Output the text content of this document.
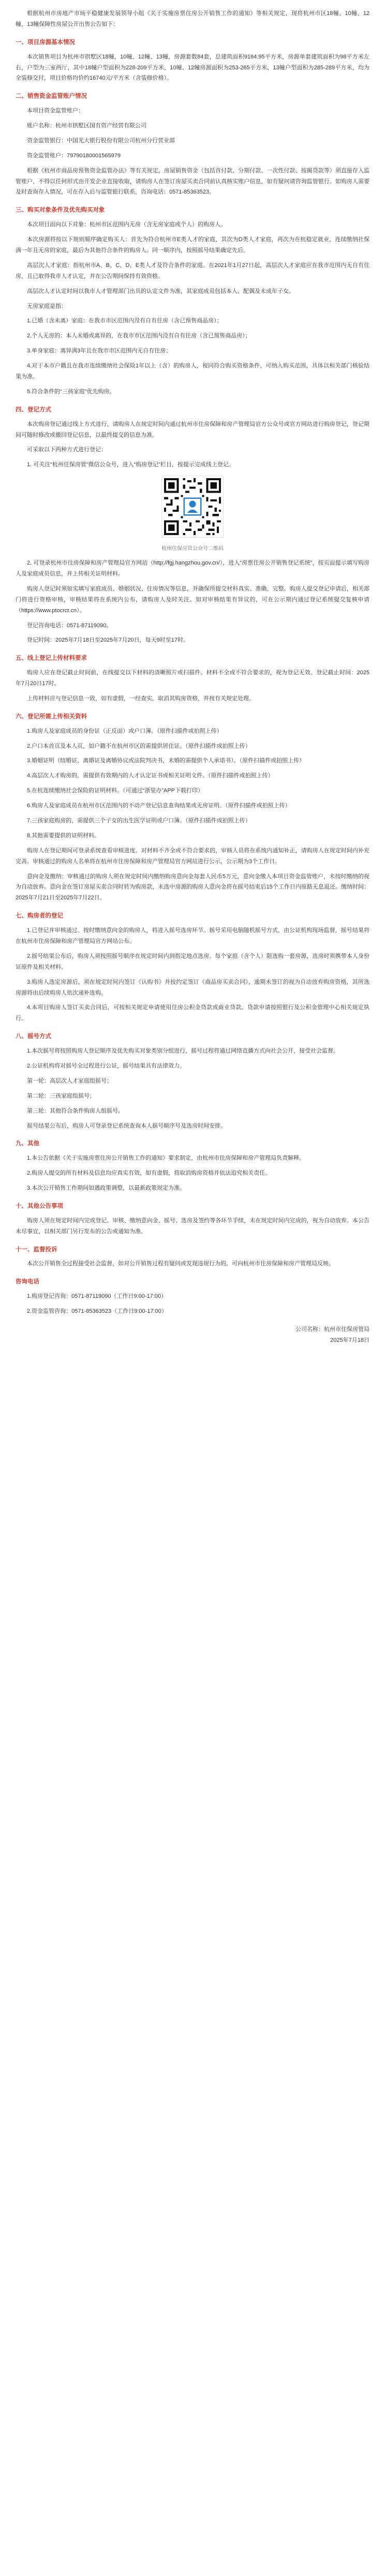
根据杭州市房地产市场平稳健康发展领导小组《关于实施房票住房公开销售工作的通知》等相关规定，现将杭州市区18幢、10幢、12幢、13幢保障性房屋公开出售公告如下：

一、项目房源基本情况

本次销售项目为杭州市拱墅区18幢、10幢、12幢、13幢，房源套数84套，总建筑面积9164.95平方米，房源单套建筑面积为98平方米左右，户型为三室两厅，其中18幢户型面积为228-209平方米，10幢、12幢房源面积为253-265平方米，13幢户型面积为285-289平方米，均为全装修交付，项目价格均价约16740元/平方米（含装修价格）。

二、销售资金监管账户情况

本项目资金监管账户：

账户名称：杭州市拱墅区国有资产经营有限公司

资金监管银行：中国光大银行股份有限公司杭州分行营业部

资金监管账户：79790180001565979

根据《杭州市商品房预售资金监管办法》等有关规定，房屋销售资金（包括首付款、分期付款、一次性付款、按揭贷款等）须直接存入监管账户，不得以任何形式由开发企业直接收取，请购房人在签订房屋买卖合同前认真核实账户信息，如有疑问请咨询监管银行。如购房人需要及时查询存入情况，可在存入后与监管银行联系，咨询电话：0571-85363523。

三、购买对象条件及优先购买对象

本次项目面向以下对象：杭州市区范围内无房（含无房家庭或个人）的购房人。

本次房源将按以下规则顺序确定购买人：首先为符合杭州市E类人才的家庭，其次为D类人才家庭，再次为在杭稳定就业、连续缴纳社保满一年且无房的家庭，最后为其他符合条件的购房人。同一顺序内，按照摇号结果确定先后。

高层次人才家庭：指杭州市A、B、C、D、E类人才及符合条件的家庭。在2021年1月27日起，高层次人才家庭应在我市范围内无自有住房，且已取得我市人才认定，并在公告期间保持有效资格。

高层次人才认定时间以我市人才管理部门出具的认定文件为准，其家庭成员包括本人、配偶及未成年子女。

无房家庭是指：

1.已婚（含未离）家庭：在我市市区范围内没有自有住房（含已预售商品房）；

2.个人无房的：本人未婚或离异的，在我市市区范围内没有自有住房（含已预售商品房）；

3.单身家庭：离异满3年且在我市市区范围内无自有住房；

4.对于本市户籍且在我市连续缴纳社会保险1年以上（含）的购房人，视同符合购买资格条件，可纳入购买范围，具体以相关部门核验结果为准。

5.符合条件的“三孩家庭”优先购房。

四、登记方式

本次购房登记通过线上方式进行，请购房人在规定时间内通过杭州市住房保障和房产管理局官方公众号或官方网站进行购房登记，登记期间可随时修改或撤回登记信息，以最终提交的信息为准。

可采取以下两种方式进行登记：

1. 可关注“杭州住保房管”微信公众号，进入“购房登记”栏目，按提示完成线上登记。

杭州住保房管公众号二维码

2. 可登录杭州市住房保障和房产管理局官方网站（http://fgj.hangzhou.gov.cn/），进入“房票住房公开销售登记系统”，按页面提示填写购房人及家庭成员信息，并上传相关证明材料。

购房人登记时须如实填写家庭成员、婚姻状况、住房情况等信息，并确保所提交材料真实、准确、完整。购房人提交登记申请后，相关部门将进行资格审核，审核结果将在系统内公布，请购房人及时关注。如对审核结果有异议的，可在公示期内通过登记系统提交复核申请（https://www.ptocrcr.cn）。

登记咨询电话：0571-87119090。

登记时间：2025年7月18日至2025年7月20日，每天9时至17时。

五、线上登记上传材料要求

购房人应在登记截止时间前，在线提交以下材料的清晰照片或扫描件。材料不全或不符合要求的，视为登记无效。登记截止时间：2025年7月20日17时。

上传材料应与登记信息一致，如有虚假，一经查实，取消其购房资格，并按有关规定处理。

六、登记所需上传相关资料

1.购房人及家庭成员的身份证（正反面）或户口簿。（原件扫描件或拍照上传）

2.户口本首页及本人页，如户籍不在杭州市区的需提供居住证。（原件扫描件或拍照上传）

3.婚姻证明（结婚证、离婚证及离婚协议或法院判决书，未婚的需提供个人承诺书）。（原件扫描件或拍照上传）

4.高层次人才购房的，需提供有效期内的人才认定证书或相关证明文件。（原件扫描件或拍照上传）

5.在杭连续缴纳社会保险的证明材料。（可通过“浙里办”APP下载打印）

6.购房人及家庭成员在杭州市区范围内的不动产登记信息查询结果或无房证明。（原件扫描件或拍照上传）

7.三孩家庭购房的，需提供三个子女的出生医学证明或户口簿。（原件扫描件或拍照上传）

8.其他需要提供的证明材料。

购房人在登记期间可登录系统查看审核进度。对材料不齐全或不符合要求的，审核人员将在系统内通知补正，请购房人在规定时间内补充完善。审核通过的购房人名单将在杭州市住房保障和房产管理局官方网站进行公示，公示期为3个工作日。

意向金及缴纳：审核通过的购房人须在规定时间内缴纳购房意向金每套人民币5万元，意向金缴入本项目资金监管账户，未按时缴纳的视为自动放弃。意向金在签订房屋买卖合同时转为购房款，未选中房源的购房人意向金将在摇号结束后15个工作日内原路无息退还。缴纳时间：2025年7月21日至2025年7月22日。

七、购房者的登记

1.已登记并审核通过、按时缴纳意向金的购房人，将进入摇号选房环节。摇号采用电脑随机摇号方式，由公证机构现场监督，摇号结果将在杭州市住房保障和房产管理局官方网站公布。

2.摇号结果公布后，购房人须按照摇号顺序在规定时间内到指定地点选房。每个家庭（含个人）限选购一套房源，选房时须携带本人身份证原件及相关材料。

3.购房人选定房源后，须在规定时间内签订《认购书》并按约定签订《商品房买卖合同》，逾期未签订的视为自动放弃购房资格，其所选房源将由后续购房人依次递补选购。

4.本项目购房人签订买卖合同后，可按相关规定申请使用住房公积金贷款或商业贷款。贷款申请按照银行及公积金管理中心相关规定执行。

八、摇号方式

1.本次摇号将按照购房人登记顺序及优先购买对象类别分组进行，摇号过程将通过网络直播方式向社会公开，接受社会监督。

2.公证机构将对摇号全过程进行公证，摇号结果具有法律效力。

第一轮：高层次人才家庭组摇号；

第二轮：三孩家庭组摇号；

第三轮：其他符合条件购房人组摇号。

摇号结果公布后，购房人可登录登记系统查询本人摇号顺序号及选房时间安排。

九、其他

1.本公告依据《关于实施房票住房公开销售工作的通知》要求制定，由杭州市住房保障和房产管理局负责解释。

2.购房人提交的所有材料及信息均应真实有效，如有虚假，将取消购房资格并依法追究相关责任。

3.本次公开销售工作期间如遇政策调整，以最新政策规定为准。

十、其他公告事项

购房人须在规定时间内完成登记、审核、缴纳意向金、摇号、选房及签约等各环节手续，未在规定时间内完成的，视为自动放弃。本公告未尽事宜，以相关部门另行发布的公告或通知为准。

十一、监督投诉

本次公开销售全过程接受社会监督，如对公开销售过程有疑问或发现违规行为的，可向杭州市住房保障和房产管理局反映。

咨询电话

1.购房登记咨询：0571-87119090（工作日9:00-17:00）

2.资金监管咨询：0571-85363523（工作日9:00-17:00）

公司名称：杭州市住保房管局

2025年7月18日
